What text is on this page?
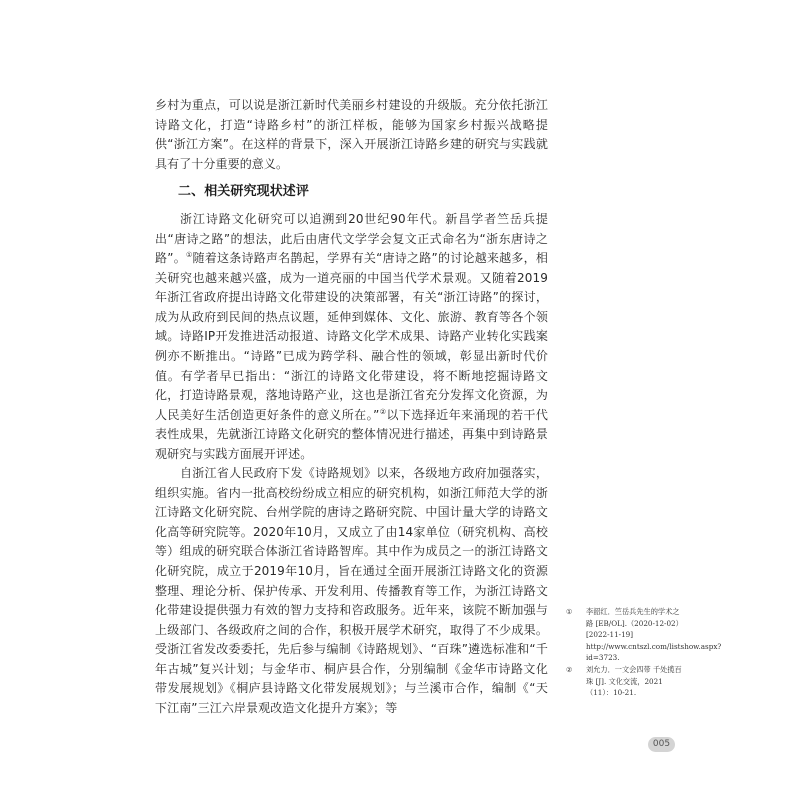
乡村为重点，可以说是浙江新时代美丽乡村建设的升级版。充分依托浙江诗路文化，打造“诗路乡村”的浙江样板，能够为国家乡村振兴战略提供“浙江方案”。在这样的背景下，深入开展浙江诗路乡建的研究与实践就具有了十分重要的意义。

二、相关研究现状述评

浙江诗路文化研究可以追溯到20世纪90年代。新昌学者竺岳兵提出“唐诗之路”的想法，此后由唐代文学学会复文正式命名为“浙东唐诗之路”。①随着这条诗路声名鹊起，学界有关“唐诗之路”的讨论越来越多，相关研究也越来越兴盛，成为一道亮丽的中国当代学术景观。又随着2019年浙江省政府提出诗路文化带建设的决策部署，有关“浙江诗路”的探讨，成为从政府到民间的热点议题，延伸到媒体、文化、旅游、教育等各个领域。诗路IP开发推进活动报道、诗路文化学术成果、诗路产业转化实践案例亦不断推出。“诗路”已成为跨学科、融合性的领域，彰显出新时代价值。有学者早已指出：“浙江的诗路文化带建设，将不断地挖掘诗路文化，打造诗路景观，落地诗路产业，这也是浙江省充分发挥文化资源，为人民美好生活创造更好条件的意义所在。”②以下选择近年来涌现的若干代表性成果，先就浙江诗路文化研究的整体情况进行描述，再集中到诗路景观研究与实践方面展开评述。

自浙江省人民政府下发《诗路规划》以来，各级地方政府加强落实，组织实施。省内一批高校纷纷成立相应的研究机构，如浙江师范大学的浙江诗路文化研究院、台州学院的唐诗之路研究院、中国计量大学的诗路文化高等研究院等。2020年10月，又成立了由14家单位（研究机构、高校等）组成的研究联合体浙江省诗路智库。其中作为成员之一的浙江诗路文化研究院，成立于2019年10月，旨在通过全面开展浙江诗路文化的资源整理、理论分析、保护传承、开发利用、传播教育等工作，为浙江诗路文化带建设提供强力有效的智力支持和咨政服务。近年来，该院不断加强与上级部门、各级政府之间的合作，积极开展学术研究，取得了不少成果。受浙江省发改委委托，先后参与编制《诗路规划》、“百珠”遴选标准和“千年古城”复兴计划；与金华市、桐庐县合作，分别编制《金华市诗路文化带发展规划》《桐庐县诗路文化带发展规划》；与兰溪市合作，编制《“天下江南”三江六岸景观改造文化提升方案》；等

① 李韶红．竺岳兵先生的学术之路 [EB/OL].（2020-12-02）[2022-11-19] http://www.cntszl.com/listshow.aspx?id=3723.
② 刘允力．一文会四带 千处揽百珠 [J]. 文化交流，2021（11）：10-21.
005
